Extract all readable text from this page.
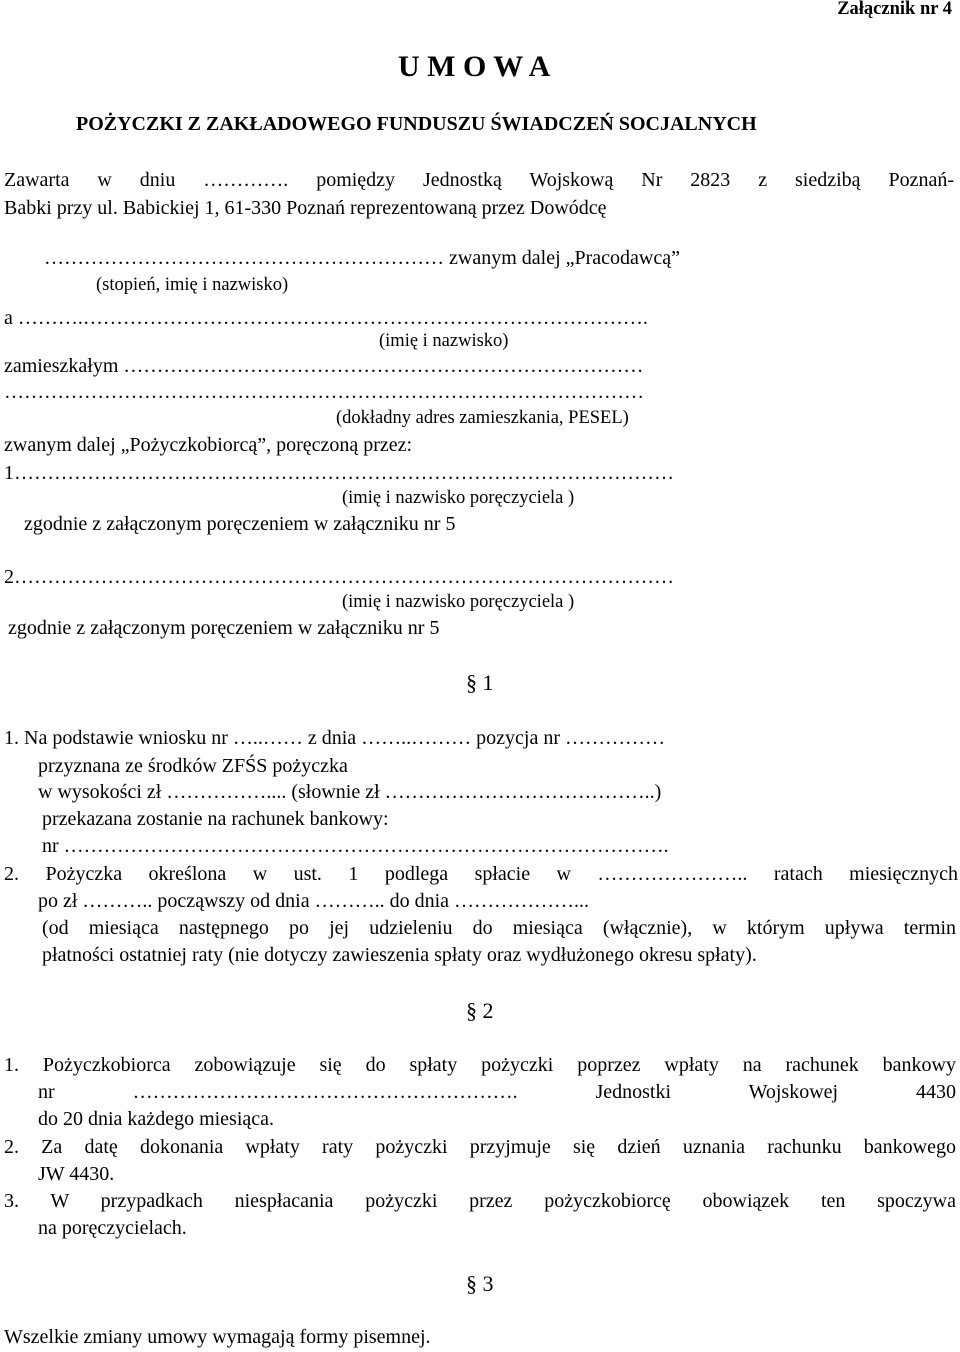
Załącznik nr 4
U M O W A
POŻYCZKI Z ZAKŁADOWEGO FUNDUSZU ŚWIADCZEŃ SOCJALNYCH
Zawarta w dniu …………. pomiędzy Jednostką Wojskową Nr 2823 z siedzibą Poznań-
Babki przy ul. Babickiej 1, 61-330 Poznań reprezentowaną przez Dowódcę
…………………………………………………… zwanym dalej „Pracodawcą”
(stopień, imię i nazwisko)
a ……….………………………………………………………………………….
(imię i nazwisko)
zamieszkałym ……………………………………………………………………
……………………………………………………………………………………
(dokładny adres zamieszkania, PESEL)
zwanym dalej „Pożyczkobiorcą”, poręczoną przez:
1………………………………………………………………………………………
(imię i nazwisko poręczyciela )
zgodnie z załączonym poręczeniem w załączniku nr 5
2………………………………………………………………………………………
(imię i nazwisko poręczyciela )
zgodnie z załączonym poręczeniem w załączniku nr 5
§ 1
1. Na podstawie wniosku nr …..…… z dnia ……..……… pozycja nr ……………
przyznana ze środków ZFŚS pożyczka
w wysokości zł …………….... (słownie zł …………………………………..)
przekazana zostanie na rachunek bankowy:
nr ……………………………………………………………………………….
2. Pożyczka określona w ust. 1 podlega spłacie w ………………….. ratach miesięcznych
po zł ……….. począwszy od dnia ……….. do dnia ………………...
(od miesiąca następnego po jej udzieleniu do miesiąca (włącznie), w którym upływa termin
płatności ostatniej raty (nie dotyczy zawieszenia spłaty oraz wydłużonego okresu spłaty).
§ 2
1. Pożyczkobiorca zobowiązuje się do spłaty pożyczki poprzez wpłaty na rachunek bankowy
nr …………………………………………………. Jednostki Wojskowej 4430
do 20 dnia każdego miesiąca.
2. Za datę dokonania wpłaty raty pożyczki przyjmuje się dzień uznania rachunku bankowego
JW 4430.
3. W przypadkach niespłacania pożyczki przez pożyczkobiorcę obowiązek ten spoczywa
na poręczycielach.
§ 3
Wszelkie zmiany umowy wymagają formy pisemnej.
